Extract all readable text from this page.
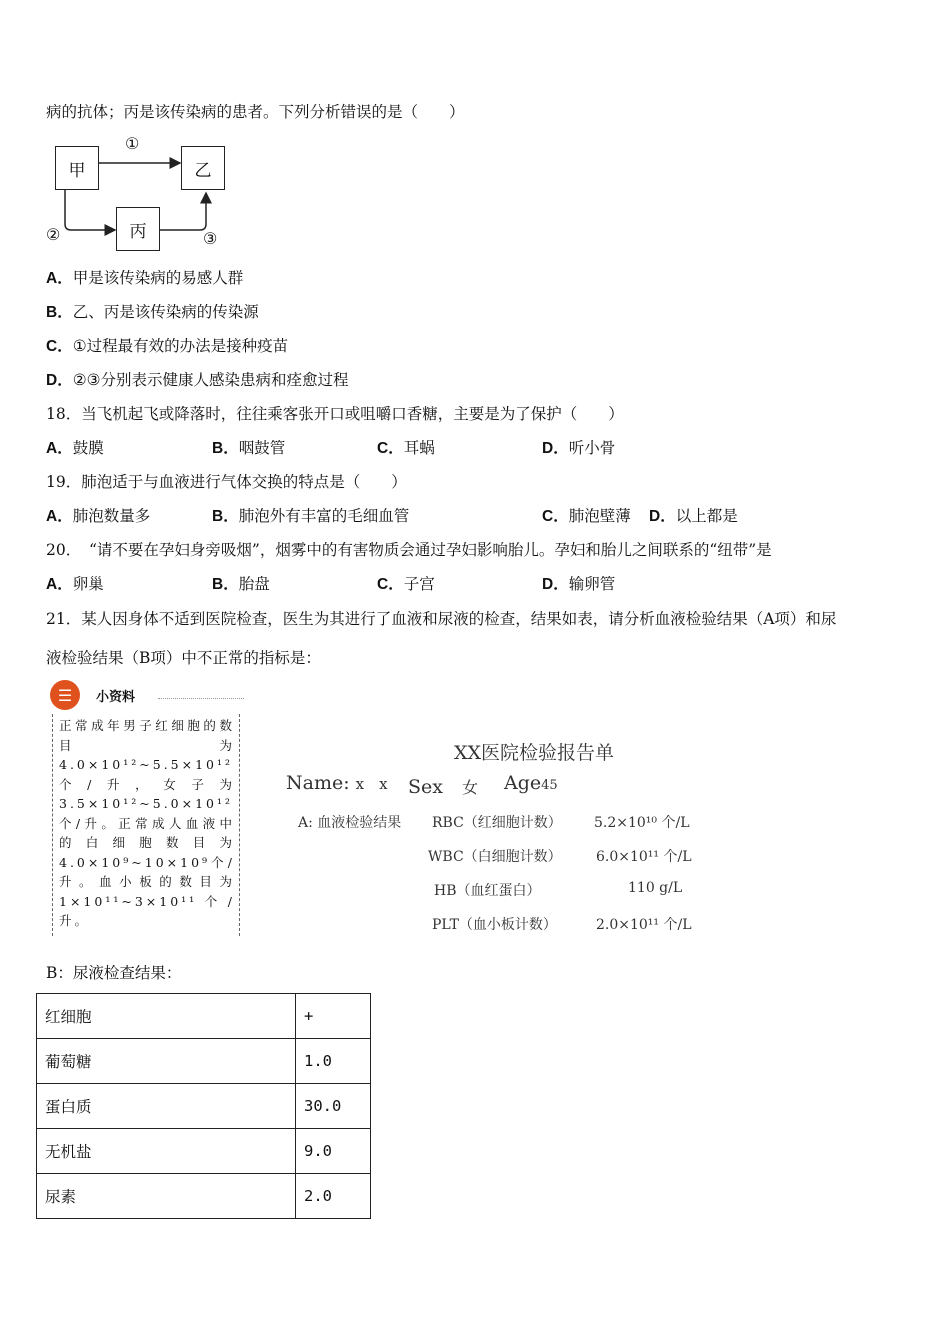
病的抗体；丙是该传染病的患者。下列分析错误的是（　　）
甲	乙
丙
①
②	③
A．甲是该传染病的易感人群
B．乙、丙是该传染病的传染源
C．①过程最有效的办法是接种疫苗
D．②③分别表示健康人感染患病和痊愈过程
18．当飞机起飞或降落时，往往乘客张开口或咀嚼口香糖，主要是为了保护（　　）
A．鼓膜	B．咽鼓管	C．耳蜗	D．听小骨
19．肺泡适于与血液进行气体交换的特点是（　　）
A．肺泡数量多	B．肺泡外有丰富的毛细血管	C．肺泡壁薄 D．以上都是
20．　“请不要在孕妇身旁吸烟”，烟雾中的有害物质会通过孕妇影响胎儿。孕妇和胎儿之间联系的“纽带”是
A．卵巢	B．胎盘	C．子宫	D．输卵管
21．某人因身体不适到医院检查，医生为其进行了血液和尿液的检查，结果如表，请分析血液检验结果（A项）和尿
液检验结果（B项）中不正常的指标是：
☰	小资料
正常成年男子红细胞的数目为4.0×10¹²~5.5×10¹²个/升，女子为3.5×10¹²~5.0×10¹²个/升。正常成人血液中的白细胞数目为4.0×10⁹~10×10⁹个/升。血小板的数目为1×10¹¹~3×10¹¹个/升。
XX医院检验报告单
Name: x　x Sex　 女 Age45
A: 血液检验结果 RBC（红细胞计数） 5.2×10¹⁰ 个/L
WBC（白细胞计数） 6.0×10¹¹ 个/L
HB（血红蛋白）	110 g/L
PLT（血小板计数）	2.0×10¹¹ 个/L
B：尿液检查结果：
红细胞	+
葡萄糖	1.0
蛋白质	30.0
无机盐	9.0
尿素	2.0
